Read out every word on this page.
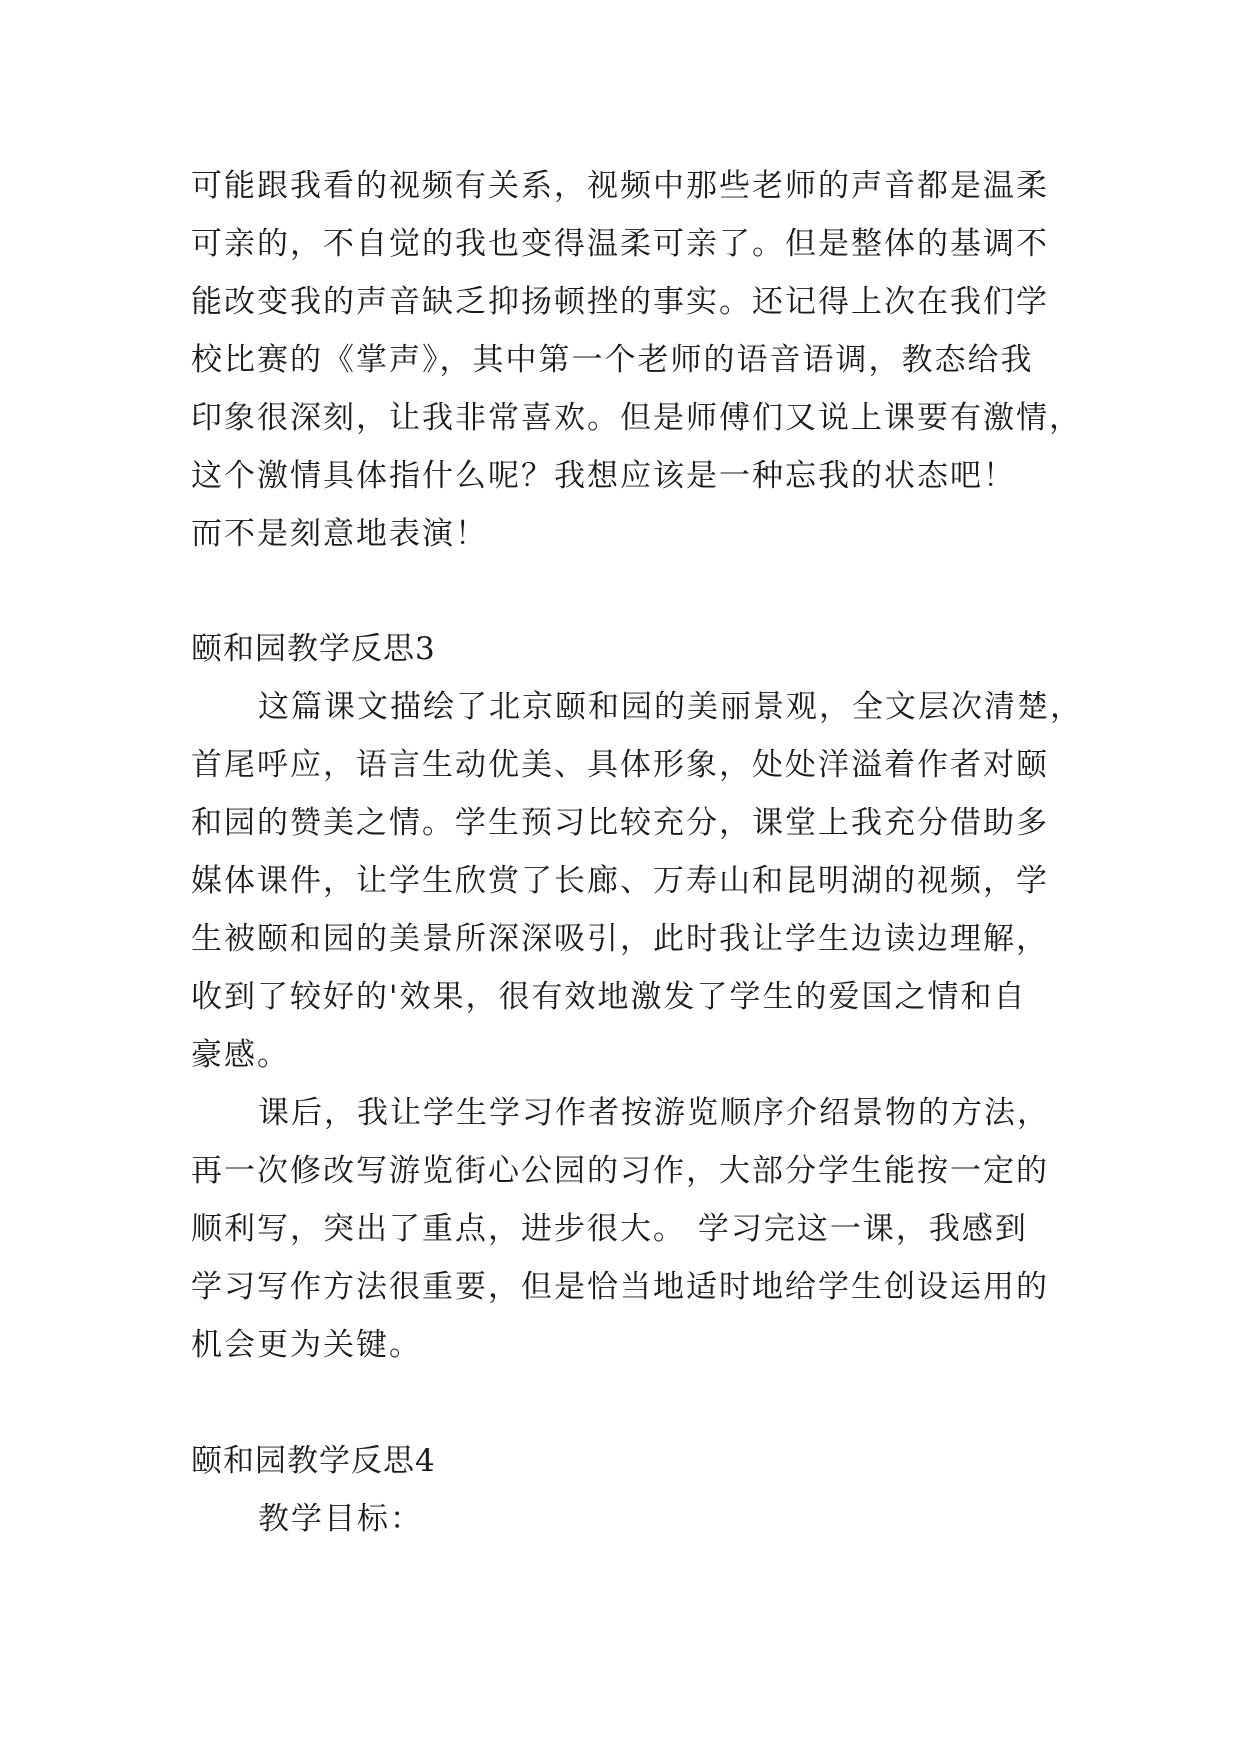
可能跟我看的视频有关系，视频中那些老师的声音都是温柔
可亲的，不自觉的我也变得温柔可亲了。但是整体的基调不
能改变我的声音缺乏抑扬顿挫的事实。还记得上次在我们学
校比赛的《掌声》，其中第一个老师的语音语调，教态给我
印象很深刻，让我非常喜欢。但是师傅们又说上课要有激情，
这个激情具体指什么呢？我想应该是一种忘我的状态吧！
而不是刻意地表演！
颐和园教学反思3
这篇课文描绘了北京颐和园的美丽景观，全文层次清楚，
首尾呼应，语言生动优美、具体形象，处处洋溢着作者对颐
和园的赞美之情。学生预习比较充分，课堂上我充分借助多
媒体课件，让学生欣赏了长廊、万寿山和昆明湖的视频，学
生被颐和园的美景所深深吸引，此时我让学生边读边理解，
收到了较好的'效果，很有效地激发了学生的爱国之情和自
豪感。
课后，我让学生学习作者按游览顺序介绍景物的方法，
再一次修改写游览街心公园的习作，大部分学生能按一定的
顺利写，突出了重点，进步很大。 学习完这一课，我感到
学习写作方法很重要，但是恰当地适时地给学生创设运用的
机会更为关键。
颐和园教学反思4
教学目标：
